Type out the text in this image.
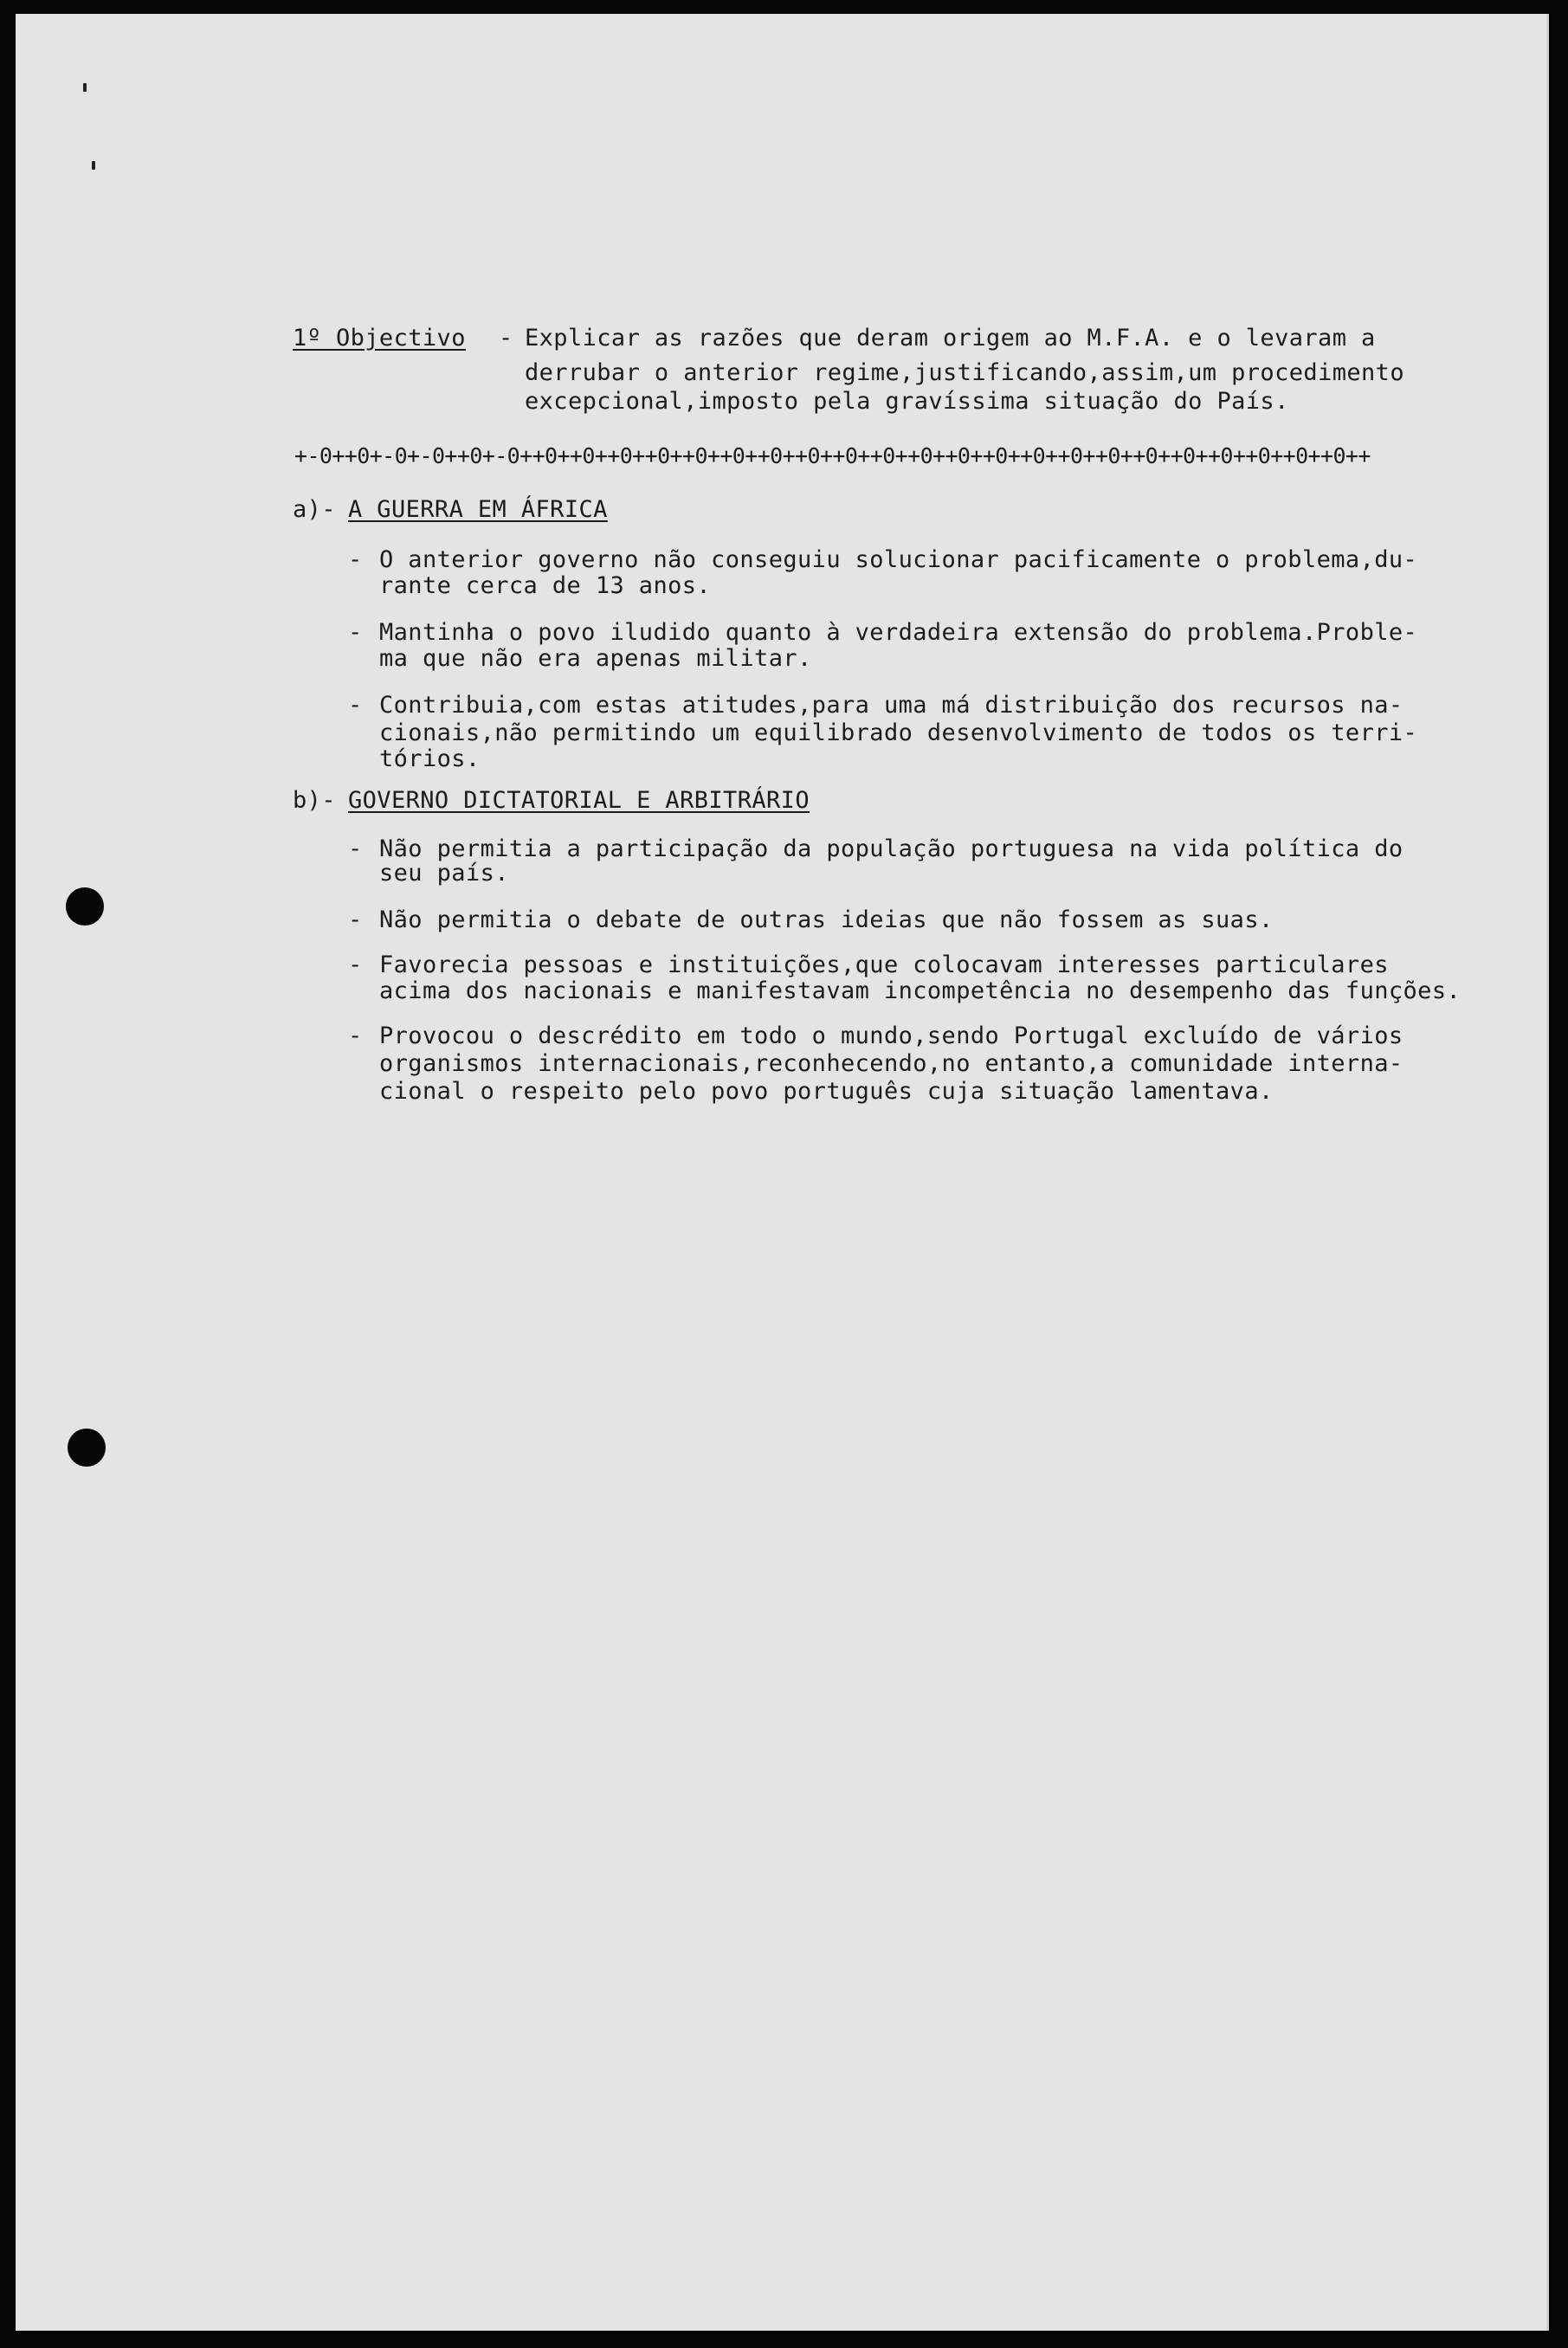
1º Objectivo - Explicar as razões que deram origem ao M.F.A. e o levaram a
derrubar o anterior regime,justificando,assim,um procedimento
excepcional,imposto pela gravíssima situação do País.
+-0++0+-0+-0++0+-0++0++0++0++0++0++0++0++0++0++0++0++0++0++0++0++0++0++0++0++0++0++0++
a)- A GUERRA EM ÁFRICA
- O anterior governo não conseguiu solucionar pacificamente o problema,du-
rante cerca de 13 anos.
- Mantinha o povo iludido quanto à verdadeira extensão do problema.Proble-
ma que não era apenas militar.
- Contribuia,com estas atitudes,para uma má distribuição dos recursos na-
cionais,não permitindo um equilibrado desenvolvimento de todos os terri-
tórios.
b)- GOVERNO DICTATORIAL E ARBITRÁRIO
- Não permitia a participação da população portuguesa na vida política do
seu país.
- Não permitia o debate de outras ideias que não fossem as suas.
- Favorecia pessoas e instituições,que colocavam interesses particulares
acima dos nacionais e manifestavam incompetência no desempenho das funções.
- Provocou o descrédito em todo o mundo,sendo Portugal excluído de vários
organismos internacionais,reconhecendo,no entanto,a comunidade interna-
cional o respeito pelo povo português cuja situação lamentava.
